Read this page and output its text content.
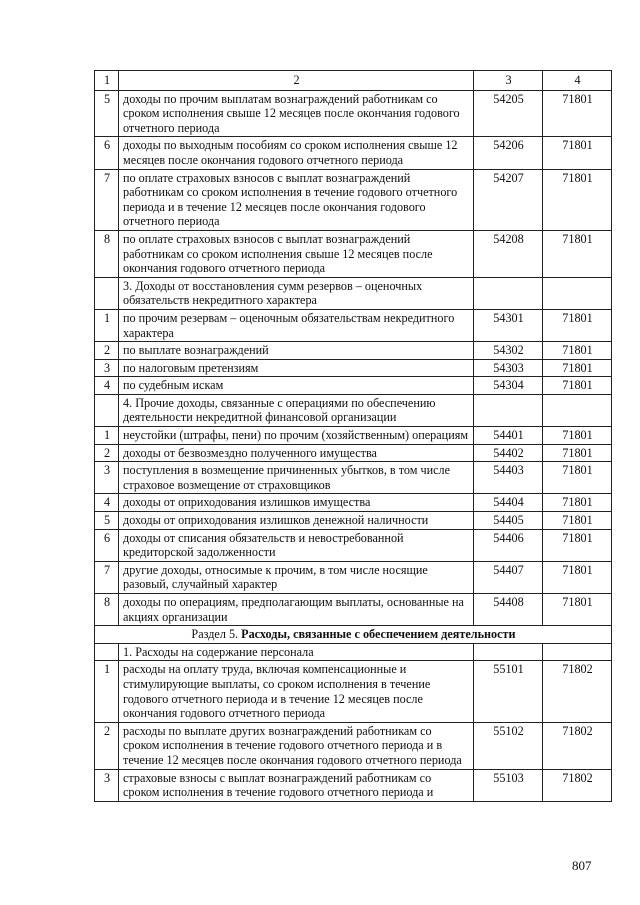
1	2	3	4
5	доходы по прочим выплатам вознаграждений работникам со сроком исполнения свыше 12 месяцев после окончания годового отчетного периода	54205	71801
6	доходы по выходным пособиям со сроком исполнения свыше 12 месяцев после окончания годового отчетного периода	54206	71801
7	по оплате страховых взносов с выплат вознаграждений работникам со сроком исполнения в течение годового отчетного периода и в течение 12 месяцев после окончания годового отчетного периода	54207	71801
8	по оплате страховых взносов с выплат вознаграждений работникам со сроком исполнения свыше 12 месяцев после окончания годового отчетного периода	54208	71801
	3. Доходы от восстановления сумм резервов – оценочных обязательств некредитного характера		
1	по прочим резервам – оценочным обязательствам некредитного характера	54301	71801
2	по выплате вознаграждений	54302	71801
3	по налоговым претензиям	54303	71801
4	по судебным искам	54304	71801
	4. Прочие доходы, связанные с операциями по обеспечению деятельности некредитной финансовой организации		
1	неустойки (штрафы, пени) по прочим (хозяйственным) операциям	54401	71801
2	доходы от безвозмездно полученного имущества	54402	71801
3	поступления в возмещение причиненных убытков, в том числе страховое возмещение от страховщиков	54403	71801
4	доходы от оприходования излишков имущества	54404	71801
5	доходы от оприходования излишков денежной наличности	54405	71801
6	доходы от списания обязательств и невостребованной кредиторской задолженности	54406	71801
7	другие доходы, относимые к прочим, в том числе носящие разовый, случайный характер	54407	71801
8	доходы по операциям, предполагающим выплаты, основанные на акциях организации	54408	71801
Раздел 5. Расходы, связанные с обеспечением деятельности			
	1. Расходы на содержание персонала		
1	расходы на оплату труда, включая компенсационные и стимулирующие выплаты, со сроком исполнения в течение годового отчетного периода и в течение 12 месяцев после окончания годового отчетного периода	55101	71802
2	расходы по выплате других вознаграждений работникам со сроком исполнения в течение годового отчетного периода и в течение 12 месяцев после окончания годового отчетного периода	55102	71802
3	страховые взносы с выплат вознаграждений работникам со сроком исполнения в течение годового отчетного периода и	55103	71802
807
